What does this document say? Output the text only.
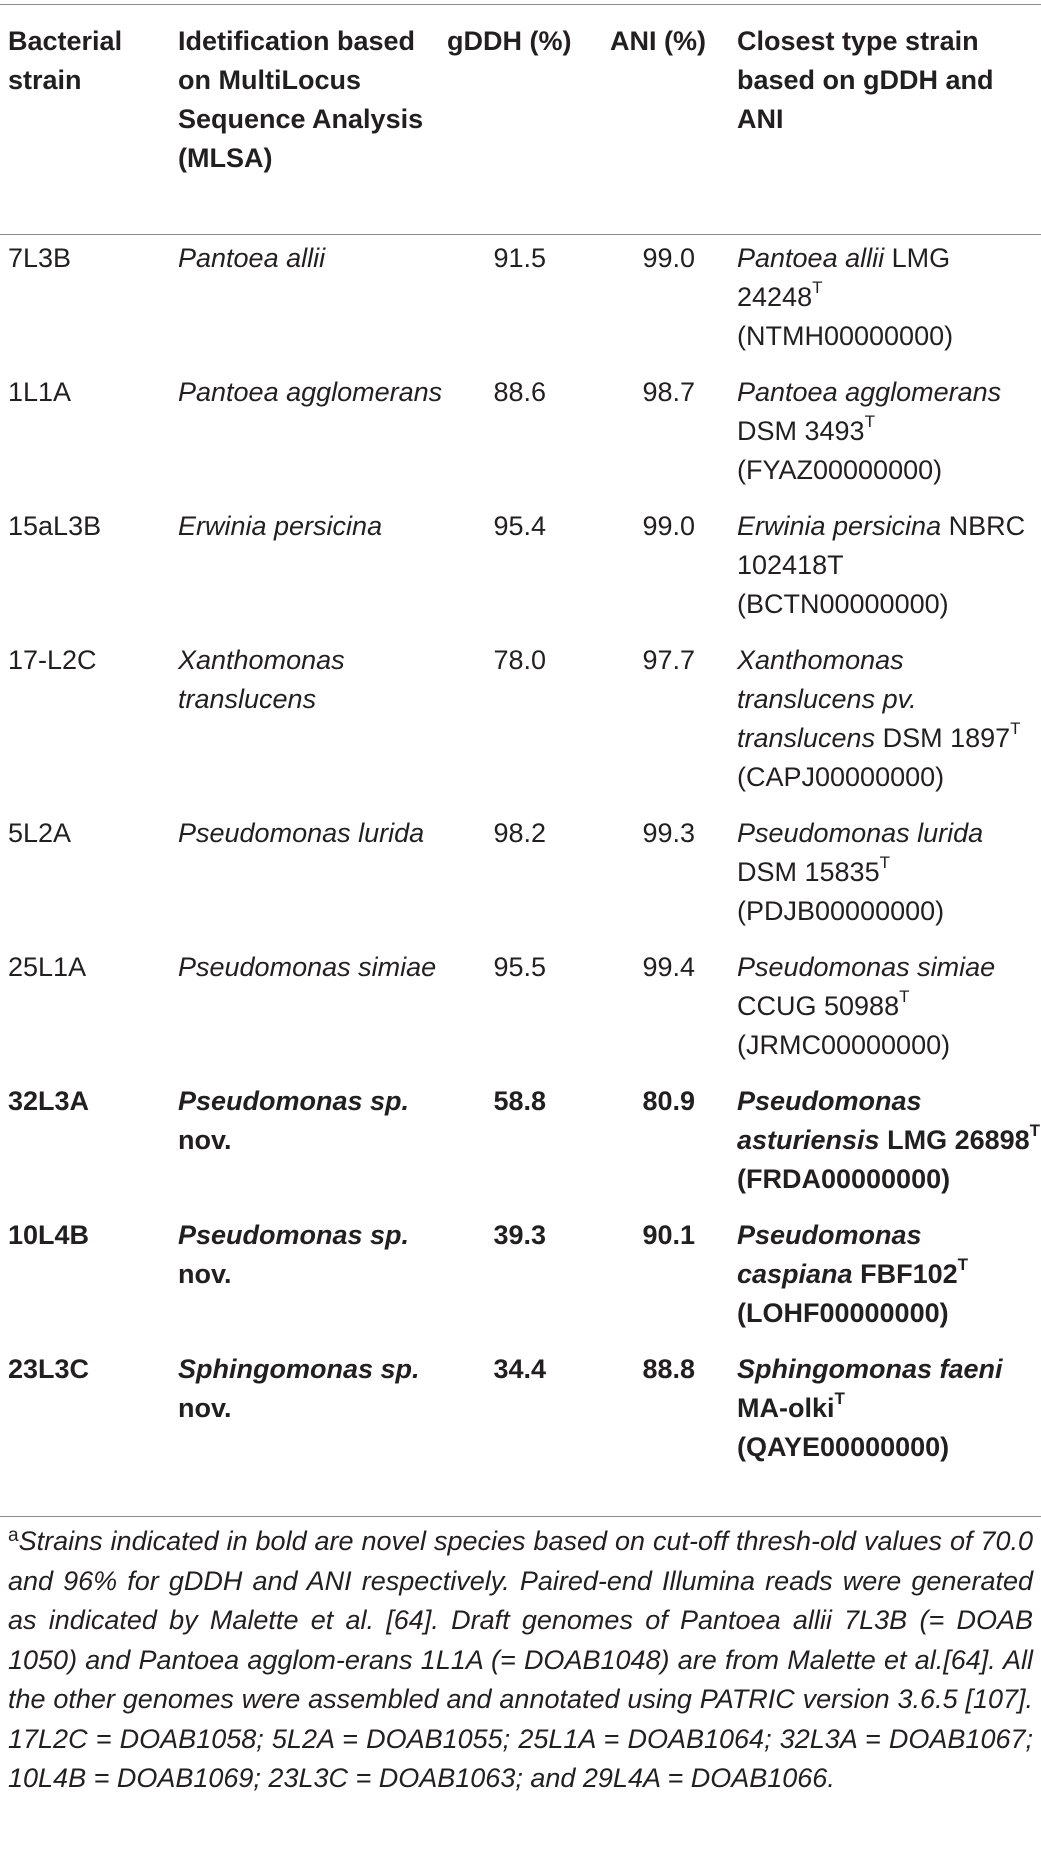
Bacterial strain	Idetification based on MultiLocus Sequence Analysis (MLSA)	gDDH (%)	ANI (%)	Closest type strain based on gDDH and ANI
7L3B	Pantoea allii	91.5	99.0	Pantoea allii LMG $24248^T$
(NTMH00000000)
1L1A	Pantoea agglomerans	88.6	98.7	Pantoea agglomerans DSM $3493^T$
(FYAZ00000000)
15aL3B	Erwinia persicina	95.4	99.0	Erwinia persicina NBRC 102418T
(BCTN00000000)
17-L2C	Xanthomonas translucens	78.0	97.7	Xanthomonas translucens pv. translucens DSM $1897^T$
(CAPJ00000000)
5L2A	Pseudomonas lurida	98.2	99.3	Pseudomonas lurida DSM $15835^T$
(PDJB00000000)
25L1A	Pseudomonas simiae	95.5	99.4	Pseudomonas simiae CCUG $50988^T$
(JRMC00000000)
32L3A	Pseudomonas sp. nov.	58.8	80.9	Pseudomonas asturiensis LMG $26898^T$
(FRDA00000000)
10L4B	Pseudomonas sp. nov.	39.3	90.1	Pseudomonas caspiana $FBF102^T$
(LOHF00000000)
23L3C	Sphingomonas sp. nov.	34.4	88.8	Sphingomonas faeni MA-olki$^T$
(QAYE00000000)
$^a$Strains indicated in bold are novel species based on cut-off thresh-old values of 70.0 and 96% for gDDH and ANI respectively. Paired-end Illumina reads were generated as indicated by Malette et al. [64]. Draft genomes of Pantoea allii 7L3B (= DOAB 1050) and Pantoea agglom-erans 1L1A (= DOAB1048) are from Malette et al.[64]. All the other genomes were assembled and annotated using PATRIC version 3.6.5 [107]. 17L2C = DOAB1058; 5L2A = DOAB1055; 25L1A = DOAB1064; 32L3A = DOAB1067; 10L4B = DOAB1069; 23L3C = DOAB1063; and 29L4A = DOAB1066.
